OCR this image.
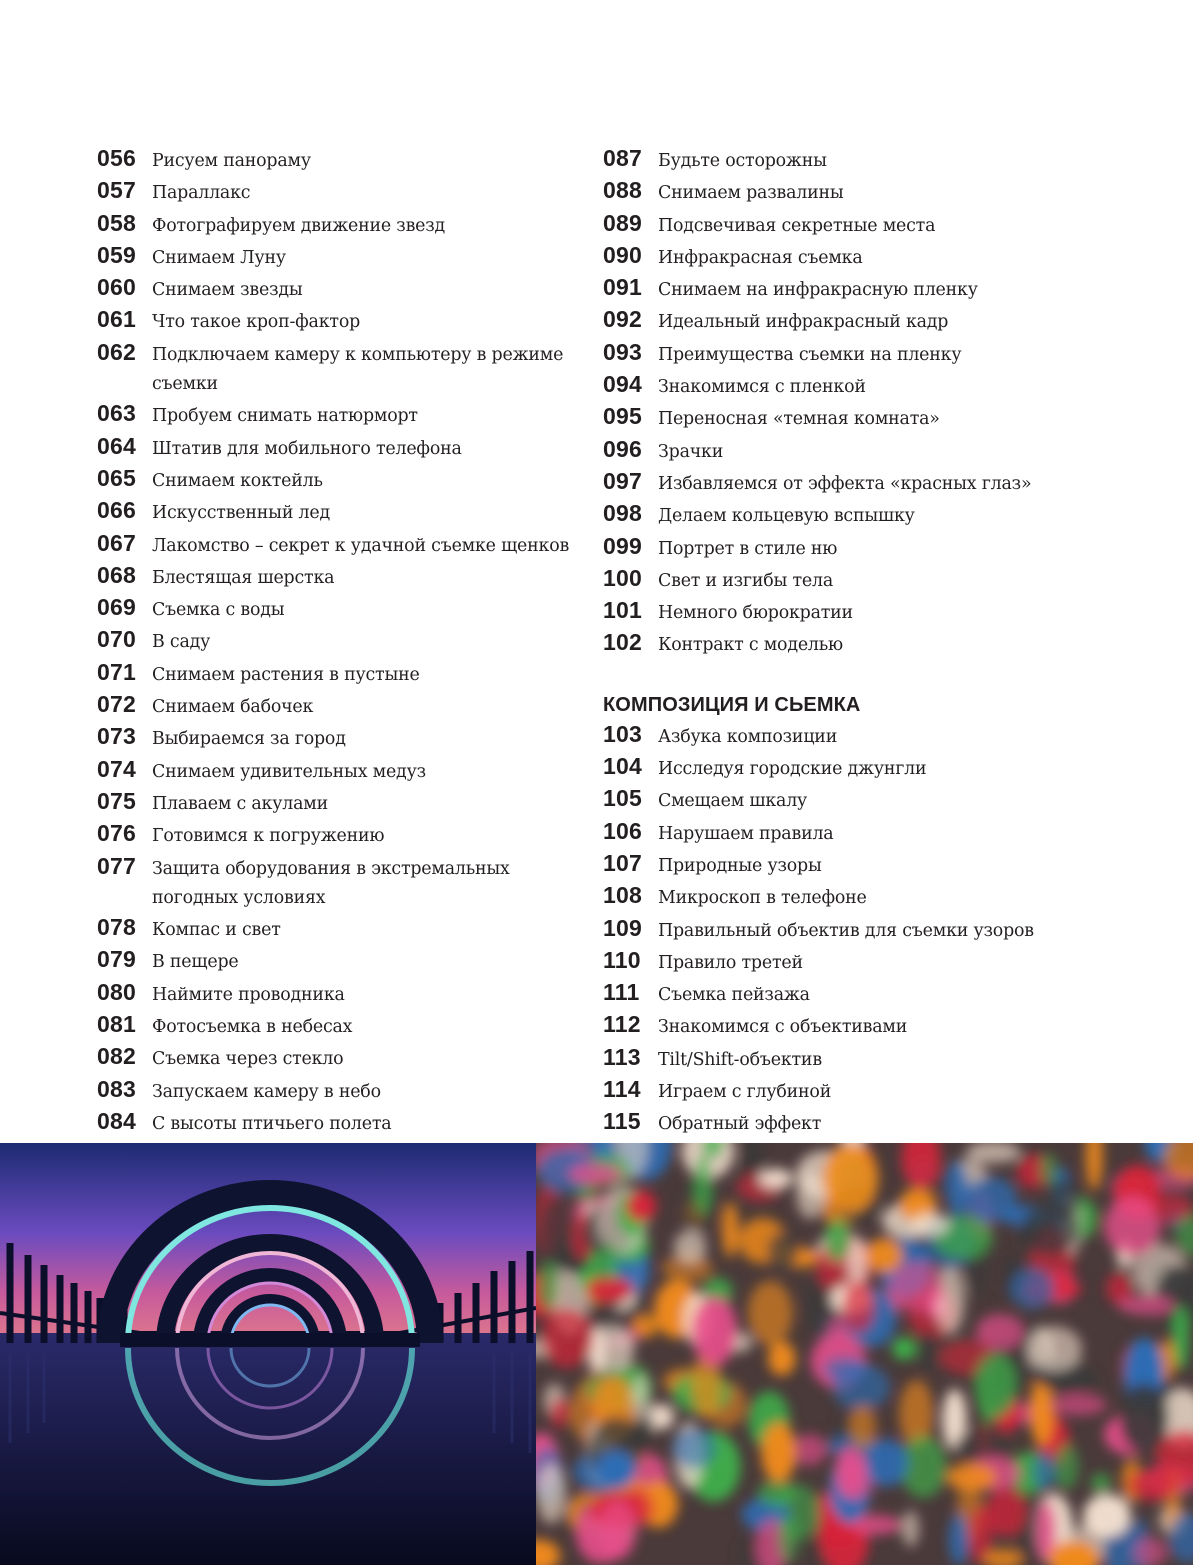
056 Рисуем панораму
057 Параллакс
058 Фотографируем движение звезд
059 Снимаем Луну
060 Снимаем звезды
061 Что такое кроп-фактор
062 Подключаем камеру к компьютеру в режиме съемки
063 Пробуем снимать натюрморт
064 Штатив для мобильного телефона
065 Снимаем коктейль
066 Искусственный лед
067 Лакомство – секрет к удачной съемке щенков
068 Блестящая шерстка
069 Съемка с воды
070 В саду
071 Снимаем растения в пустыне
072 Снимаем бабочек
073 Выбираемся за город
074 Снимаем удивительных медуз
075 Плаваем с акулами
076 Готовимся к погружению
077 Защита оборудования в экстремальных погодных условиях
078 Компас и свет
079 В пещере
080 Наймите проводника
081 Фотосъемка в небесах
082 Съемка через стекло
083 Запускаем камеру в небо
084 С высоты птичьего полета
087 Будьте осторожны
088 Снимаем развалины
089 Подсвечивая секретные места
090 Инфракрасная съемка
091 Снимаем на инфракрасную пленку
092 Идеальный инфракрасный кадр
093 Преимущества съемки на пленку
094 Знакомимся с пленкой
095 Переносная «темная комната»
096 Зрачки
097 Избавляемся от эффекта «красных глаз»
098 Делаем кольцевую вспышку
099 Портрет в стиле ню
100 Свет и изгибы тела
101 Немного бюрократии
102 Контракт с моделью
КОМПОЗИЦИЯ И СЬЕМКА
103 Азбука композиции
104 Исследуя городские джунгли
105 Смещаем шкалу
106 Нарушаем правила
107 Природные узоры
108 Микроскоп в телефоне
109 Правильный объектив для съемки узоров
110 Правило третей
111	Съемка пейзажа
112 Знакомимся с объективами
113 Tilt/Shift-объектив
114 Играем с глубиной
115 Обратный эффект
